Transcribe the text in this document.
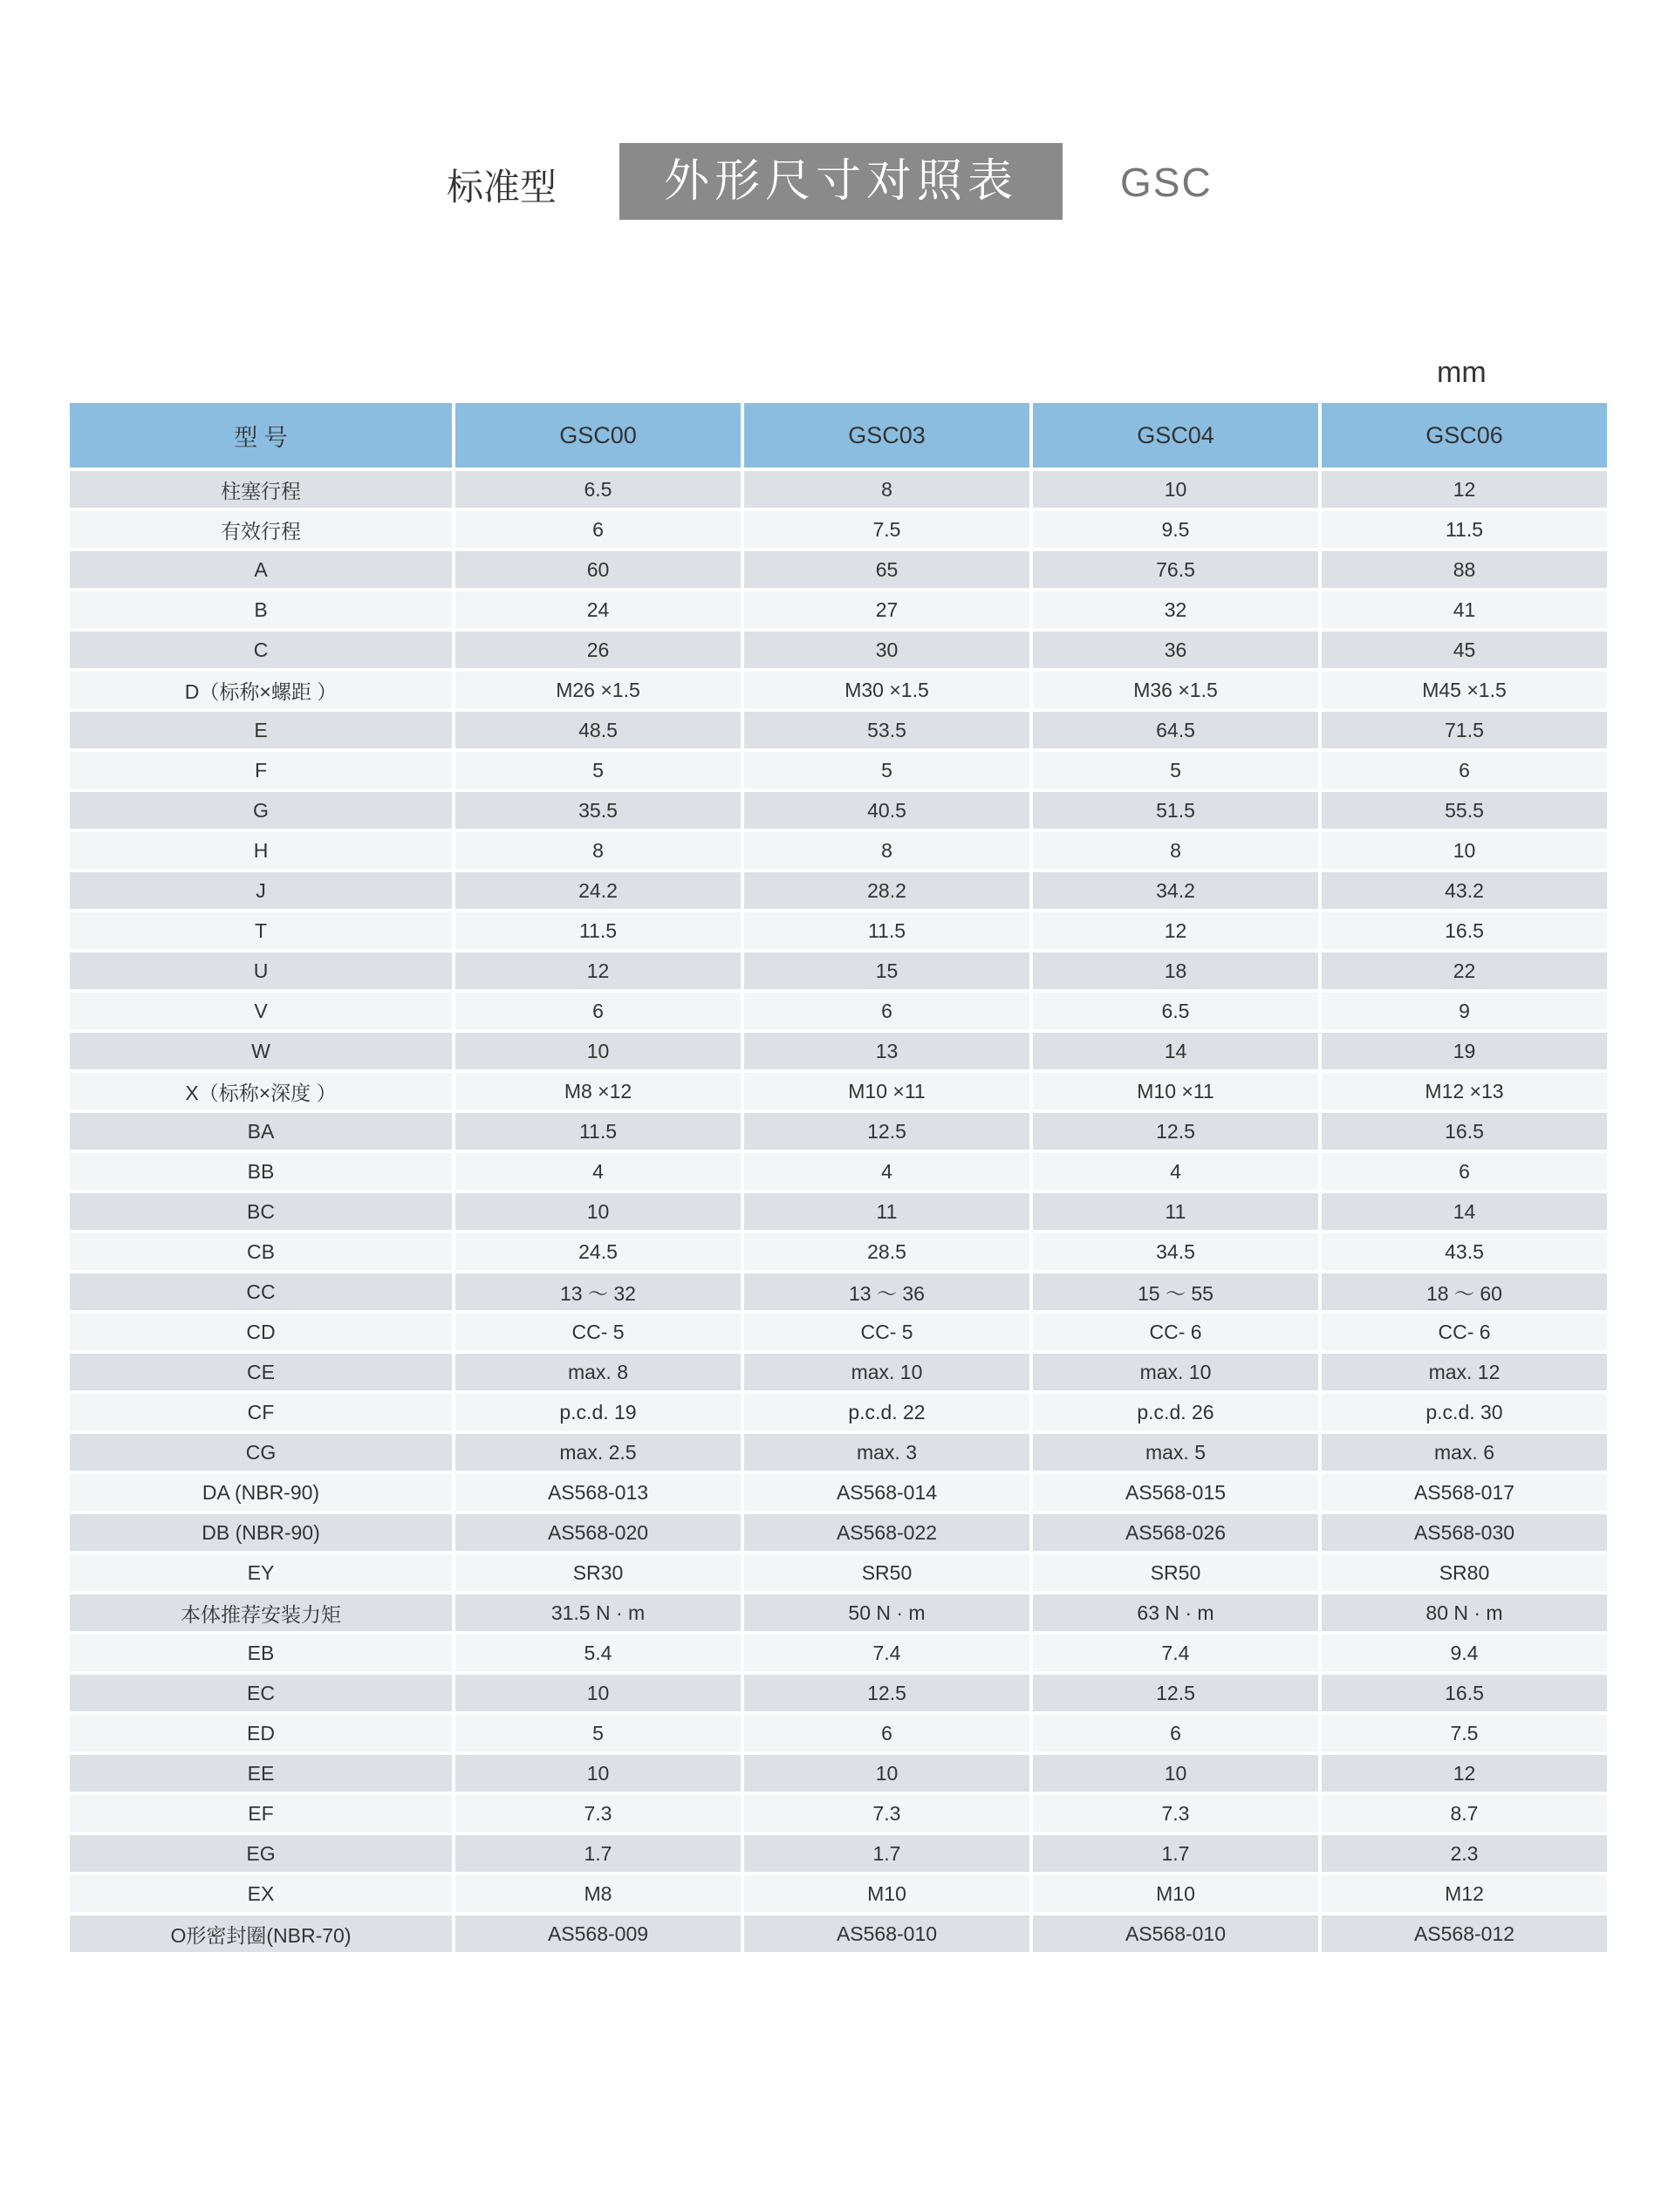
标准型	外形尺寸对照表	GSC
mm
型 号	GSC00	GSC03	GSC04	GSC06
柱塞行程	6.5	8	10	12
有效行程	6	7.5	9.5	11.5
A	60	65	76.5	88
B	24	27	32	41
C	26	30	36	45
D（标称×螺距 ）	M26 ×1.5	M30 ×1.5	M36 ×1.5	M45 ×1.5
E	48.5	53.5	64.5	71.5
F	5	5	5	6
G	35.5	40.5	51.5	55.5
H	8	8	8	10
J	24.2	28.2	34.2	43.2
T	11.5	11.5	12	16.5
U	12	15	18	22
V	6	6	6.5	9
W	10	13	14	19
X（标称×深度 ）	M8 ×12	M10 ×11	M10 ×11	M12 ×13
BA	11.5	12.5	12.5	16.5
BB	4	4	4	6
BC	10	11	11	14
CB	24.5	28.5	34.5	43.5
CC	13 ～ 32	13 ～ 36	15 ～ 55	18 ～ 60
CD	CC- 5	CC- 5	CC- 6	CC- 6
CE	max. 8	max. 10	max. 10	max. 12
CF	p.c.d. 19	p.c.d. 22	p.c.d. 26	p.c.d. 30
CG	max. 2.5	max. 3	max. 5	max. 6
DA (NBR-90)	AS568-013	AS568-014	AS568-015	AS568-017
DB (NBR-90)	AS568-020	AS568-022	AS568-026	AS568-030
EY	SR30	SR50	SR50	SR80
本体推荐安装力矩	31.5 N · m	50 N · m	63 N · m	80 N · m
EB	5.4	7.4	7.4	9.4
EC	10	12.5	12.5	16.5
ED	5	6	6	7.5
EE	10	10	10	12
EF	7.3	7.3	7.3	8.7
EG	1.7	1.7	1.7	2.3
EX	M8	M10	M10	M12
O形密封圈(NBR-70)	AS568-009	AS568-010	AS568-010	AS568-012
